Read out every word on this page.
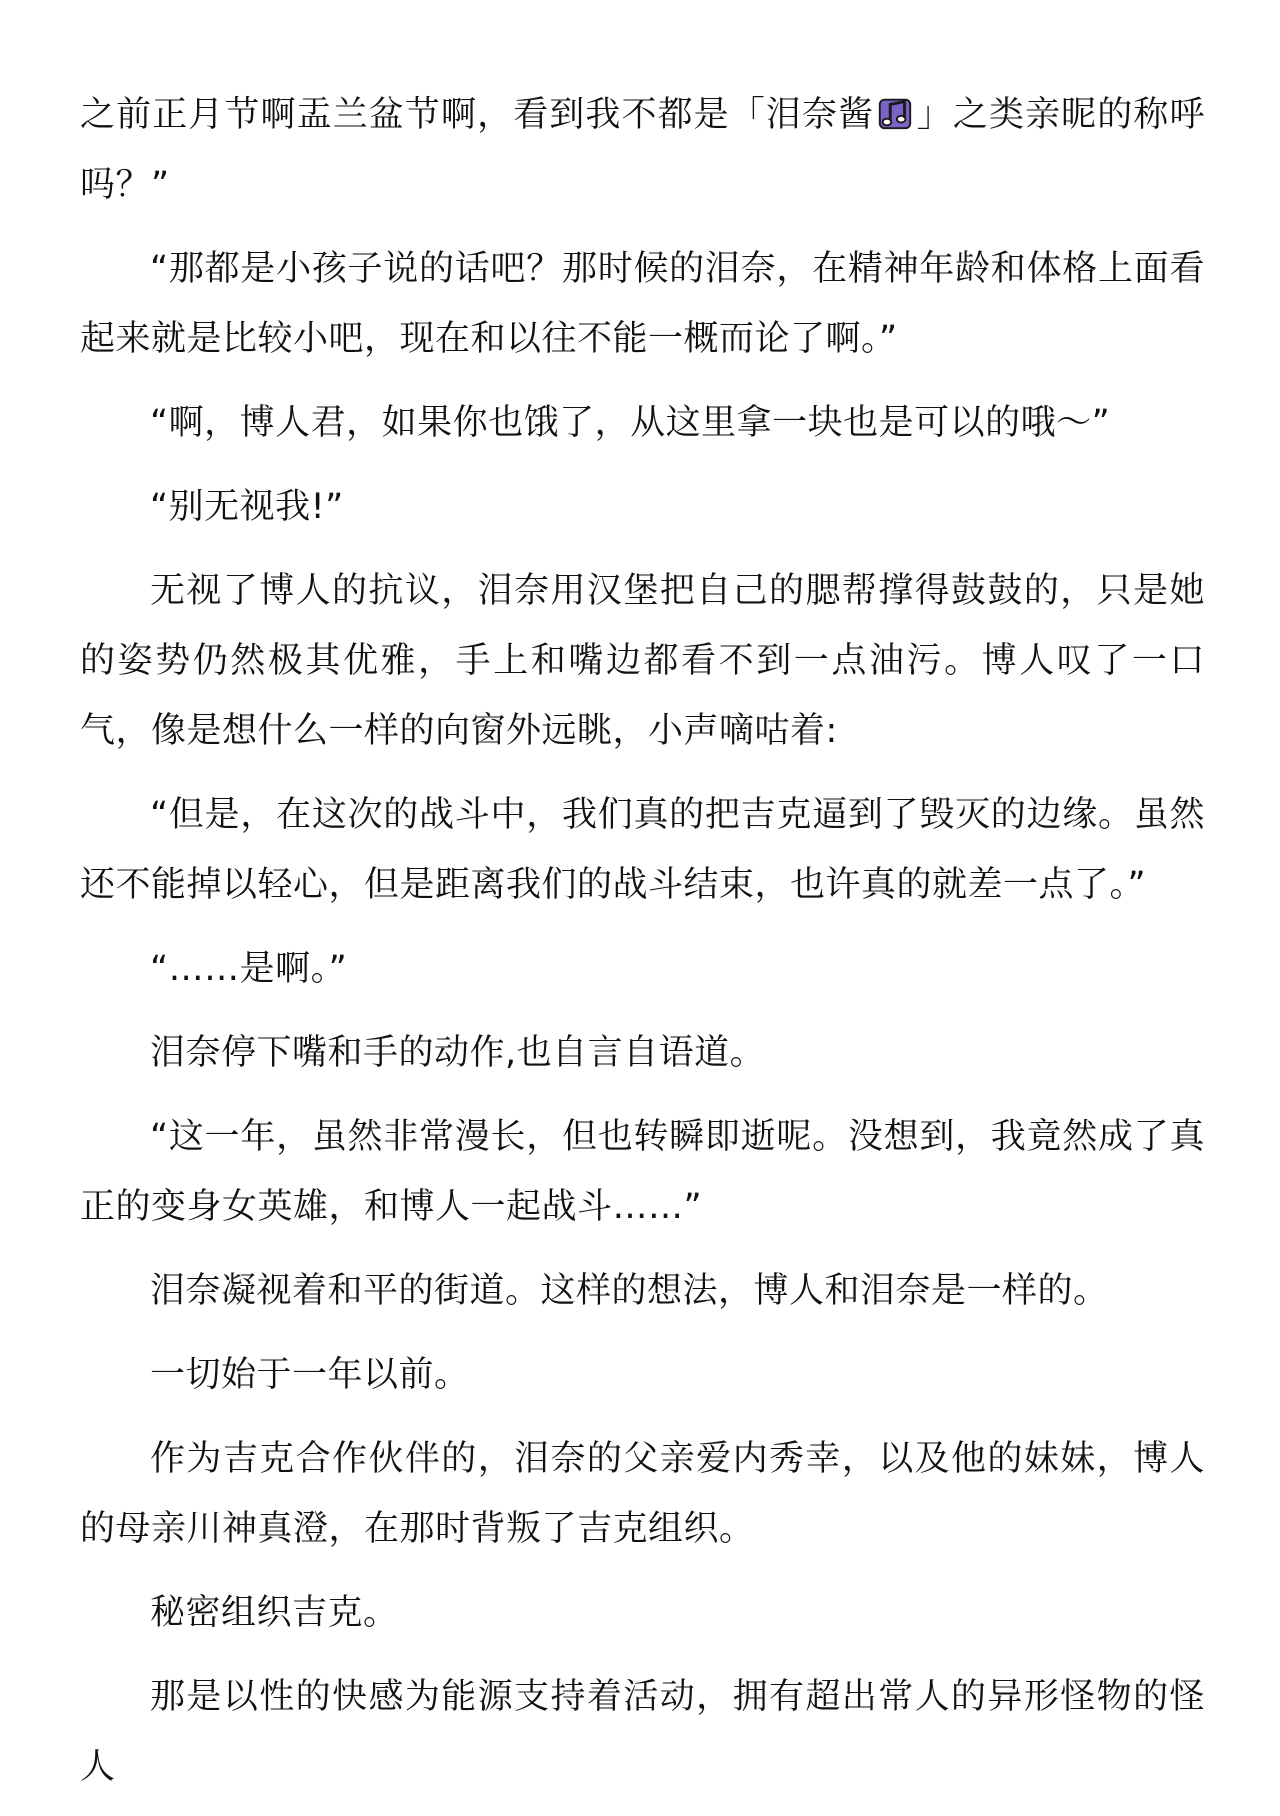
之前正月节啊盂兰盆节啊，看到我不都是「泪奈酱 」之类亲昵的称呼吗？”

“那都是小孩子说的话吧？那时候的泪奈，在精神年龄和体格上面看起来就是比较小吧，现在和以往不能一概而论了啊。”

“啊，博人君，如果你也饿了，从这里拿一块也是可以的哦～”

“别无视我!”

无视了博人的抗议，泪奈用汉堡把自己的腮帮撑得鼓鼓的，只是她的姿势仍然极其优雅，手上和嘴边都看不到一点油污。博人叹了一口气，像是想什么一样的向窗外远眺，小声嘀咕着:

“但是，在这次的战斗中，我们真的把吉克逼到了毁灭的边缘。虽然还不能掉以轻心，但是距离我们的战斗结束，也许真的就差一点了。”

“……是啊。”

泪奈停下嘴和手的动作,也自言自语道。

“这一年，虽然非常漫长，但也转瞬即逝呢。没想到，我竟然成了真正的变身女英雄，和博人一起战斗……”

泪奈凝视着和平的街道。这样的想法，博人和泪奈是一样的。

一切始于一年以前。

作为吉克合作伙伴的，泪奈的父亲爱内秀幸，以及他的妹妹，博人的母亲川神真澄，在那时背叛了吉克组织。

秘密组织吉克。

那是以性的快感为能源支持着活动，拥有超出常人的异形怪物的怪人
